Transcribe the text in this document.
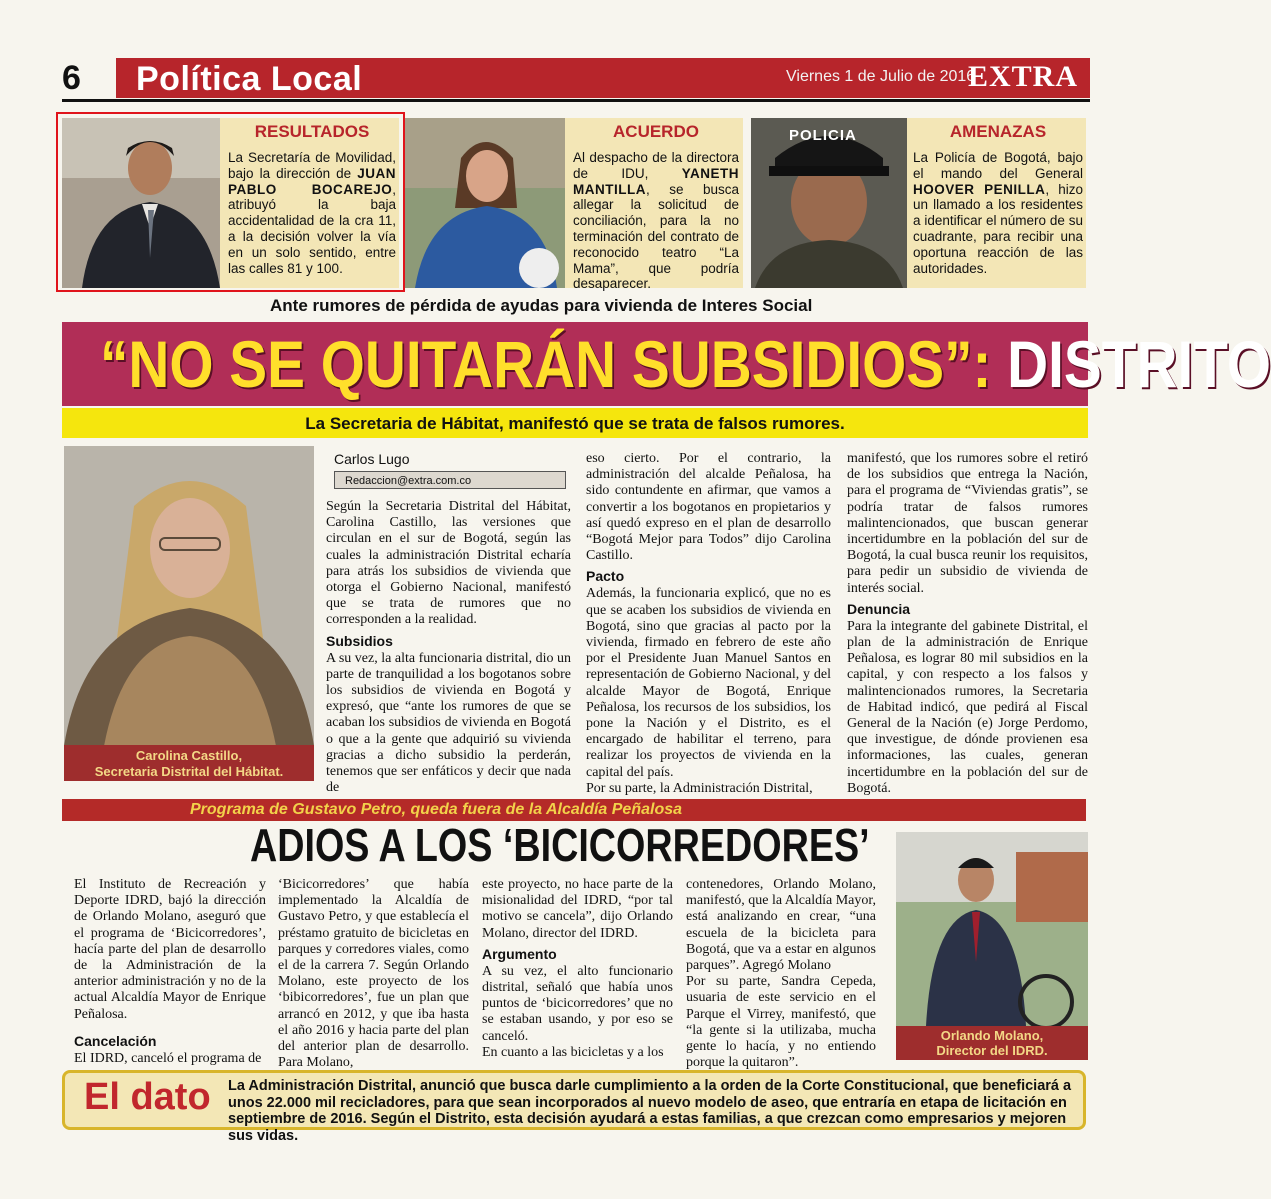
6	Política Local	Viernes 1 de Julio de 2016
EXTRA
RESULTADOS

La Secretaría de Movilidad, bajo la dirección de JUAN PABLO BOCAREJO, atribuyó la baja accidentalidad de la cra 11, a la decisión volver la vía en un solo sentido, entre las calles 81 y 100.

ACUERDO

Al despacho de la directora de IDU, YANETH MANTILLA, se busca allegar la solicitud de conciliación, para la no terminación del contrato de reconocido teatro “La Mama”, que podría desaparecer.

POLICIA	AMENAZAS

La Policía de Bogotá, bajo el mando del General HOOVER PENILLA, hizo un llamado a los residentes a identificar el número de su cuadrante, para recibir una oportuna reacción de las autoridades.

Ante rumores de pérdida de ayudas para vivienda de Interes Social
“NO SE QUITARÁN SUBSIDIOS”: DISTRITO
La Secretaria de Hábitat, manifestó que se trata de falsos rumores.
Carolina Castillo,
Secretaria Distrital del Hábitat.
Carlos Lugo
Redaccion@extra.com.co

Según la Secretaria Distrital del Hábitat, Carolina Castillo, las versiones que circulan en el sur de Bogotá, según las cuales la administración Distrital echaría para atrás los subsidios de vivienda que otorga el Gobierno Nacional, manifestó que se trata de rumores que no corresponden a la realidad.

Subsidios

A su vez, la alta funcionaria distrital, dio un parte de tranquilidad a los bogotanos sobre los subsidios de vivienda en Bogotá y expresó, que “ante los rumores de que se acaban los subsidios de vivienda en Bogotá o que a la gente que adquirió su vivienda gracias a dicho subsidio la perderán, tenemos que ser enfáticos y decir que nada de

eso cierto. Por el contrario, la administración del alcalde Peñalosa, ha sido contundente en afirmar, que vamos a convertir a los bogotanos en propietarios y así quedó expreso en el plan de desarrollo “Bogotá Mejor para Todos” dijo Carolina Castillo.

Pacto

Además, la funcionaria explicó, que no es que se acaben los subsidios de vivienda en Bogotá, sino que gracias al pacto por la vivienda, firmado en febrero de este año por el Presidente Juan Manuel Santos en representación de Gobierno Nacional, y del alcalde Mayor de Bogotá, Enrique Peñalosa, los recursos de los subsidios, los pone la Nación y el Distrito, es el encargado de habilitar el terreno, para realizar los proyectos de vivienda en la capital del país.

Por su parte, la Administración Distrital,

manifestó, que los rumores sobre el retiró de los subsidios que entrega la Nación, para el programa de “Viviendas gratis”, se podría tratar de falsos rumores malintencionados, que buscan generar incertidumbre en la población del sur de Bogotá, la cual busca reunir los requisitos, para pedir un subsidio de vivienda de interés social.

Denuncia

Para la integrante del gabinete Distrital, el plan de la administración de Enrique Peñalosa, es lograr 80 mil subsidios en la capital, y con respecto a los falsos y malintencionados rumores, la Secretaria de Habitad indicó, que pedirá al Fiscal General de la Nación (e) Jorge Perdomo, que investigue, de dónde provienen esa informaciones, las cuales, generan incertidumbre en la población del sur de Bogotá.

Programa de Gustavo Petro, queda fuera de la Alcaldía Peñalosa
ADIOS A LOS ‘BICICORREDORES’

El Instituto de Recreación y Deporte IDRD, bajó la dirección de Orlando Molano, aseguró que el programa de ‘Bicicorredores’, hacía parte del plan de desarrollo de la Administración de la anterior administración y no de la actual Alcaldía Mayor de Enrique Peñalosa.

Cancelación

El IDRD, canceló el programa de

‘Bicicorredores’ que había implementado la Alcaldía de Gustavo Petro, y que establecía el préstamo gratuito de bicicletas en parques y corredores viales, como el de la carrera 7. Según Orlando Molano, este proyecto de los ‘bibicorredores’, fue un plan que arrancó en 2012, y que iba hasta el año 2016 y hacia parte del plan del anterior plan de desarrollo. Para Molano,

este proyecto, no hace parte de la misionalidad del IDRD, “por tal motivo se cancela”, dijo Orlando Molano, director del IDRD.

Argumento

A su vez, el alto funcionario distrital, señaló que había unos puntos de ‘bicicorredores’ que no se estaban usando, y por eso se canceló.

En cuanto a las bicicletas y a los

contenedores, Orlando Molano, manifestó, que la Alcaldía Mayor, está analizando en crear, “una escuela de la bicicleta para Bogotá, que va a estar en algunos parques”. Agregó Molano

Por su parte, Sandra Cepeda, usuaria de este servicio en el Parque el Virrey, manifestó, que “la gente si la utilizaba, mucha gente lo hacía, y no entiendo porque la quitaron”.

Orlando Molano,
Director del IDRD.
El dato La Administración Distrital, anunció que busca darle cumplimiento a la orden de la Corte Constitucional, que beneficiará a unos 22.000 mil recicladores, para que sean incorporados al nuevo modelo de aseo, que entraría en etapa de licitación en septiembre de 2016. Según el Distrito, esta decisión ayudará a estas familias, a que crezcan como empresarios y mejoren sus vidas.
